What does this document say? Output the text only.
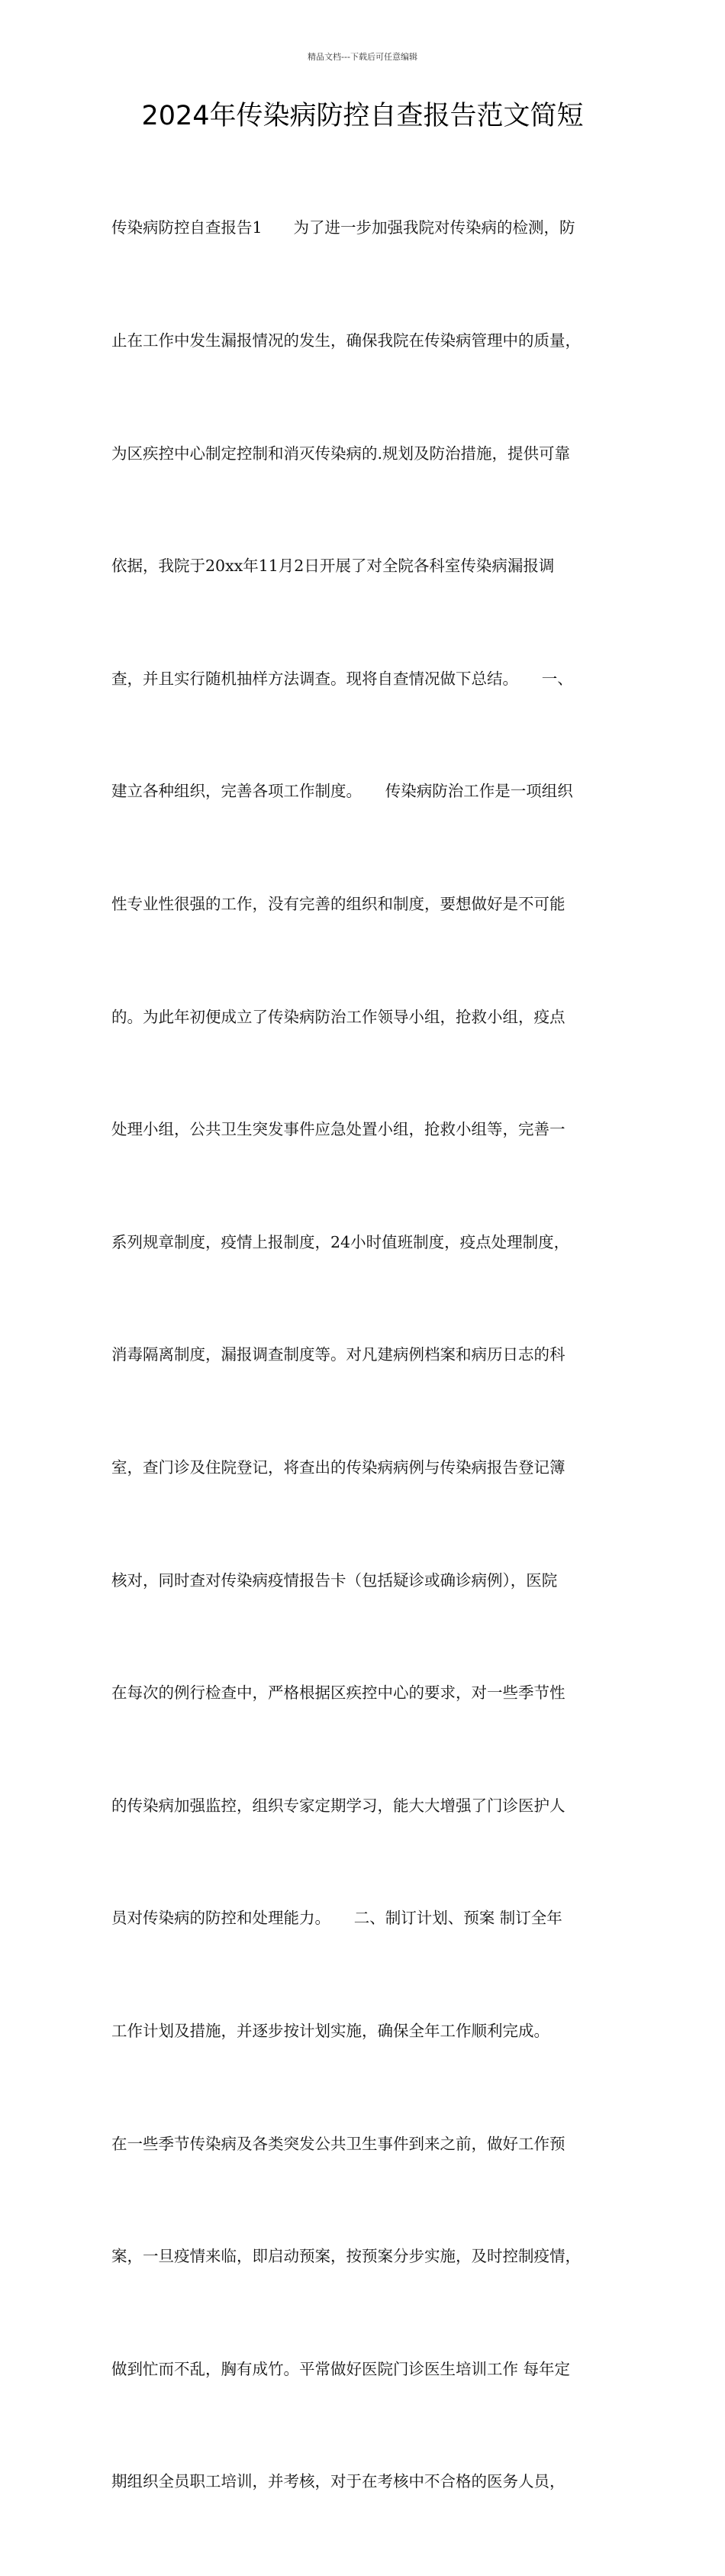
精品文档---下载后可任意编辑
2024年传染病防控自查报告范文简短

传染病防控自查报告1　　为了进一步加强我院对传染病的检测，防

止在工作中发生漏报情况的发生，确保我院在传染病管理中的质量，

为区疾控中心制定控制和消灭传染病的.规划及防治措施，提供可靠

依据，我院于20xx年11月2日开展了对全院各科室传染病漏报调

查，并且实行随机抽样方法调查。现将自查情况做下总结。　　一、

建立各种组织，完善各项工作制度。　　传染病防治工作是一项组织

性专业性很强的工作，没有完善的组织和制度，要想做好是不可能

的。为此年初便成立了传染病防治工作领导小组，抢救小组，疫点

处理小组，公共卫生突发事件应急处置小组，抢救小组等，完善一

系列规章制度，疫情上报制度，24小时值班制度，疫点处理制度，

消毒隔离制度，漏报调查制度等。对凡建病例档案和病历日志的科

室，查门诊及住院登记，将查出的传染病病例与传染病报告登记簿

核对，同时查对传染病疫情报告卡（包括疑诊或确诊病例），医院

在每次的例行检查中，严格根据区疾控中心的要求，对一些季节性

的传染病加强监控，组织专家定期学习，能大大增强了门诊医护人

员对传染病的防控和处理能力。　　二、制订计划、预案 制订全年

工作计划及措施，并逐步按计划实施，确保全年工作顺利完成。

在一些季节传染病及各类突发公共卫生事件到来之前，做好工作预

案，一旦疫情来临，即启动预案，按预案分步实施，及时控制疫情，

做到忙而不乱，胸有成竹。平常做好医院门诊医生培训工作 每年定

期组织全员职工培训，并考核，对于在考核中不合格的医务人员，
